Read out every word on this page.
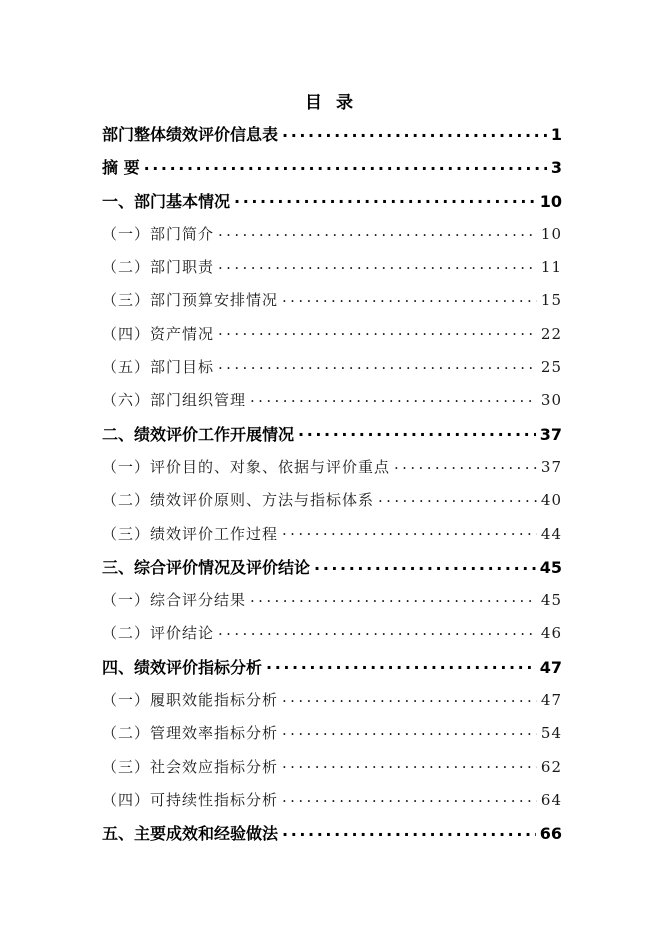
目 录
部门整体绩效评价信息表 .....	1
摘 要 .....	3
一、部门基本情况 .....	10
（一）部门简介 .....	10
（二）部门职责 .....	11
（三）部门预算安排情况 .....	15
（四）资产情况 .....	22
（五）部门目标 .....	25
（六）部门组织管理 .....	30
二、绩效评价工作开展情况 .....	37
（一）评价目的、对象、依据与评价重点 .....	37
（二）绩效评价原则、方法与指标体系 .....	40
（三）绩效评价工作过程 .....	44
三、综合评价情况及评价结论 .....	45
（一）综合评分结果 .....	45
（二）评价结论 .....	46
四、绩效评价指标分析 .....	47
（一）履职效能指标分析 .....	47
（二）管理效率指标分析 .....	54
（三）社会效应指标分析 .....	62
（四）可持续性指标分析 .....	64
五、主要成效和经验做法 .....	66
